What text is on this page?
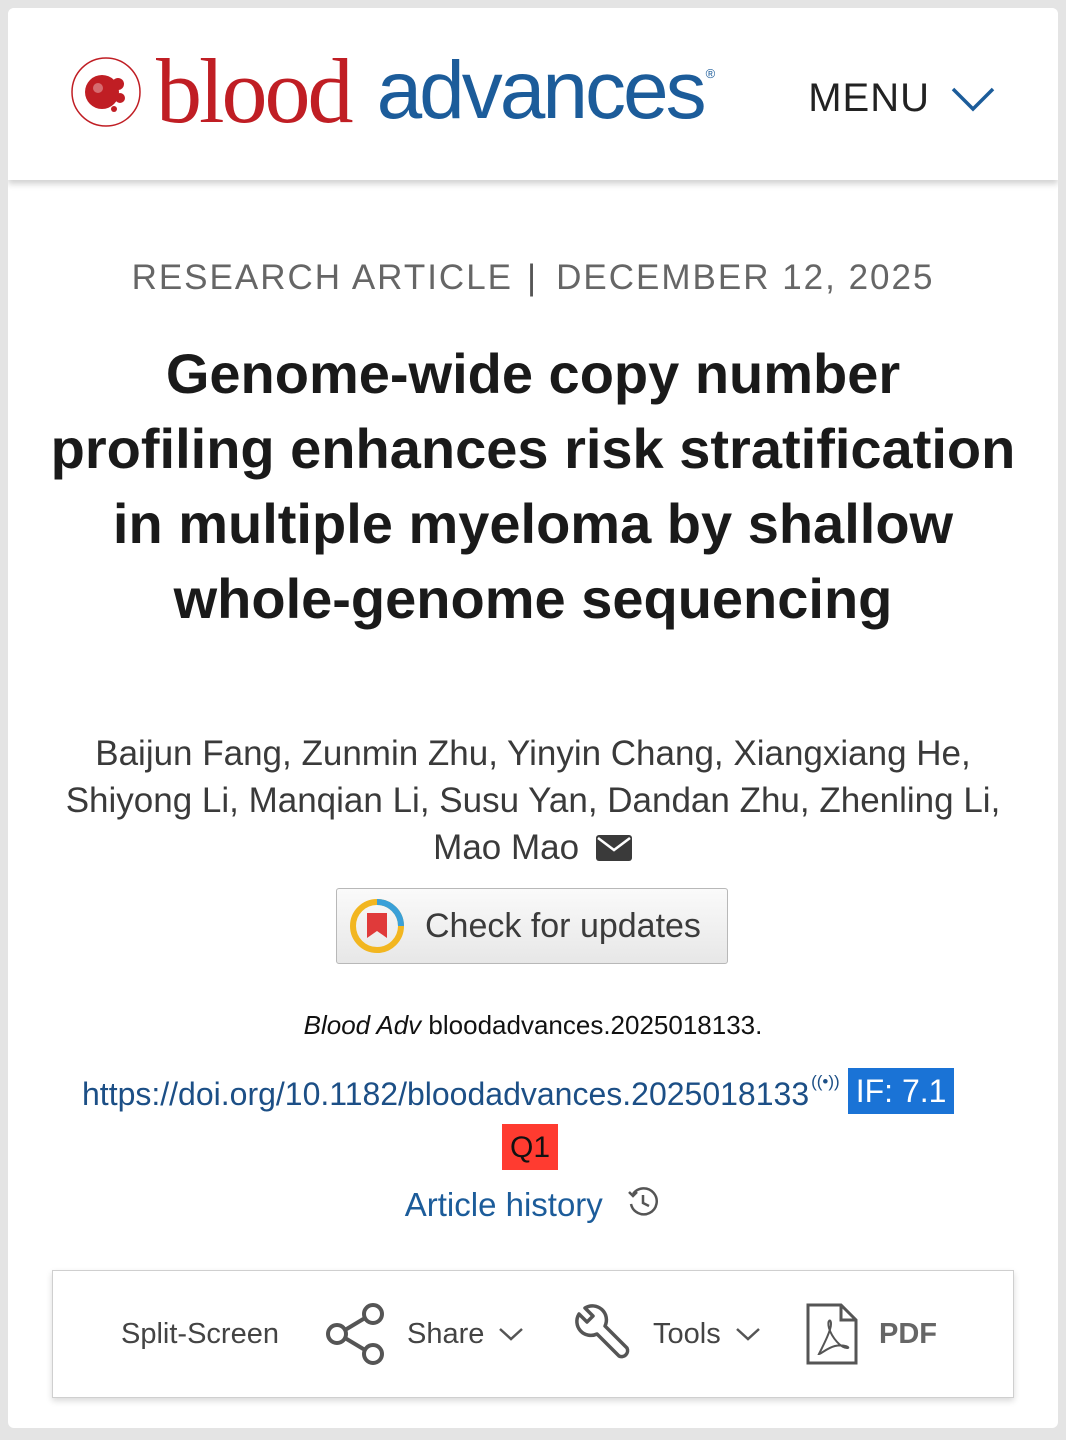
blood advances ®
MENU
RESEARCH ARTICLE | DECEMBER 12, 2025
Genome-wide copy number profiling enhances risk stratification in multiple myeloma by shallow whole-genome sequencing
Baijun Fang, Zunmin Zhu, Yinyin Chang, Xiangxiang He, Shiyong Li, Manqian Li, Susu Yan, Dandan Zhu, Zhenling Li, Mao Mao
Check for updates
Blood Adv bloodadvances.2025018133.
https://doi.org/10.1182/bloodadvances.2025018133 ((•)) IF: 7.1
Q1
Article history
Split-Screen	Share	Tools	PDF
